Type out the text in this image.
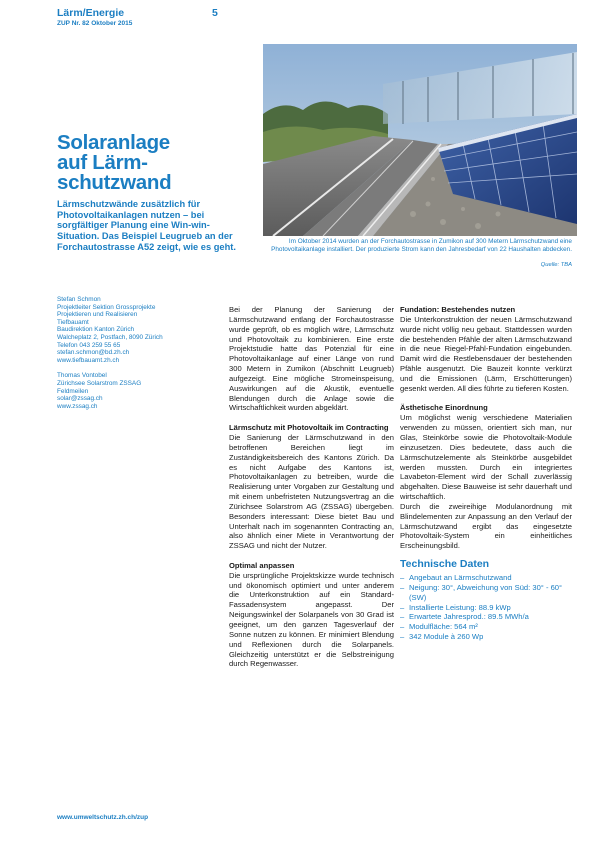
Lärm/Energie	5
ZUP Nr. 82 Oktober 2015
Im Oktober 2014 wurden an der Forchautostrasse in Zumikon auf 300 Metern Lärmschutzwand eine Photovoltaikanlage installiert. Der produzierte Strom kann den Jahresbedarf von 22 Haushalten abdecken.
Quelle: TBA
Solaranlage
auf Lärm-
schutzwand

Lärmschutzwände zusätzlich für Photovoltaikanlagen nutzen – bei sorgfältiger Planung eine Win-win-Situation. Das Beispiel Leugrueb an der Forchautostrasse A52 zeigt, wie es geht.

Stefan Schmon
Projektleiter Sektion Grossprojekte
Projektieren und Realisieren
Tiefbauamt
Baudirektion Kanton Zürich
Walcheplatz 2, Postfach, 8090 Zürich
Telefon 043 259 55 65
stefan.schmon@bd.zh.ch
www.tiefbauamt.zh.ch
Thomas Vontobel
Zürichsee Solarstrom ZSSAG
Feldmeilen
solar@zssag.ch
www.zssag.ch

Bei der Planung der Sanierung der Lärmschutzwand entlang der Forchautostrasse wurde geprüft, ob es möglich wäre, Lärmschutz und Photovoltaik zu kombinieren. Eine erste Projektstudie hatte das Potenzial für eine Photovoltaikanlage auf einer Länge von rund 300 Metern in Zumikon (Abschnitt Leugrueb) aufgezeigt. Eine mögliche Stromeinspeisung, Auswirkungen auf die Akustik, eventuelle Blendungen durch die Anlage sowie die Wirtschaftlichkeit wurden abgeklärt.

Lärmschutz mit Photovoltaik im Contracting

Die Sanierung der Lärmschutzwand in den betroffenen Bereichen liegt im Zuständigkeitsbereich des Kantons Zürich. Da es nicht Aufgabe des Kantons ist, Photovoltaikanlagen zu betreiben, wurde die Realisierung unter Vorgaben zur Gestaltung und mit einem unbefristeten Nutzungsvertrag an die Zürichsee Solarstrom AG (ZSSAG) übergeben. Besonders interessant: Diese bietet Bau und Unterhalt nach im sogenannten Contracting an, also ähnlich einer Miete in Verantwortung der ZSSAG und nicht der Nutzer.

Optimal anpassen

Die ursprüngliche Projektskizze wurde technisch und ökonomisch optimiert und unter anderem die Unterkonstruktion auf ein Standard-Fassadensystem angepasst. Der Neigungswinkel der Solarpanels von 30 Grad ist geeignet, um den ganzen Tagesverlauf der Sonne nutzen zu können. Er minimiert Blendung und Reflexionen durch die Solarpanels. Gleichzeitig unterstützt er die Selbstreinigung durch Regenwasser.

Fundation: Bestehendes nutzen

Die Unterkonstruktion der neuen Lärmschutzwand wurde nicht völlig neu gebaut. Stattdessen wurden die bestehenden Pfähle der alten Lärmschutzwand in die neue Riegel-Pfahl-Fundation eingebunden. Damit wird die Restlebensdauer der bestehenden Pfähle ausgenutzt. Die Bauzeit konnte verkürzt und die Emissionen (Lärm, Erschütterungen) gesenkt werden. All dies führte zu tieferen Kosten.

Ästhetische Einordnung

Um möglichst wenig verschiedene Materialien verwenden zu müssen, orientiert sich man, nur Glas, Steinkörbe sowie die Photovoltaik-Module einzusetzen. Dies bedeutete, dass auch die Lärmschutzelemente als Steinkörbe ausgebildet werden mussten. Durch ein integriertes Lavabeton-Element wird der Schall zuverlässig abgehalten. Diese Bauweise ist sehr dauerhaft und wirtschaftlich.

Durch die zweireihige Modulanordnung mit Blindelementen zur Anpassung an den Verlauf der Lärmschutzwand ergibt das eingesetzte Photovoltaik-System ein einheitliches Erscheinungsbild.

Technische Daten
– Angebaut an Lärmschutzwand
– Neigung: 30°, Abweichung von Süd: 30° - 60° (SW)
– Installierte Leistung: 88.9 kWp
– Erwartete Jahresprod.: 89.5 MWh/a
– Modulfläche: 564 m²
– 342 Module à 260 Wp
www.umweltschutz.zh.ch/zup
